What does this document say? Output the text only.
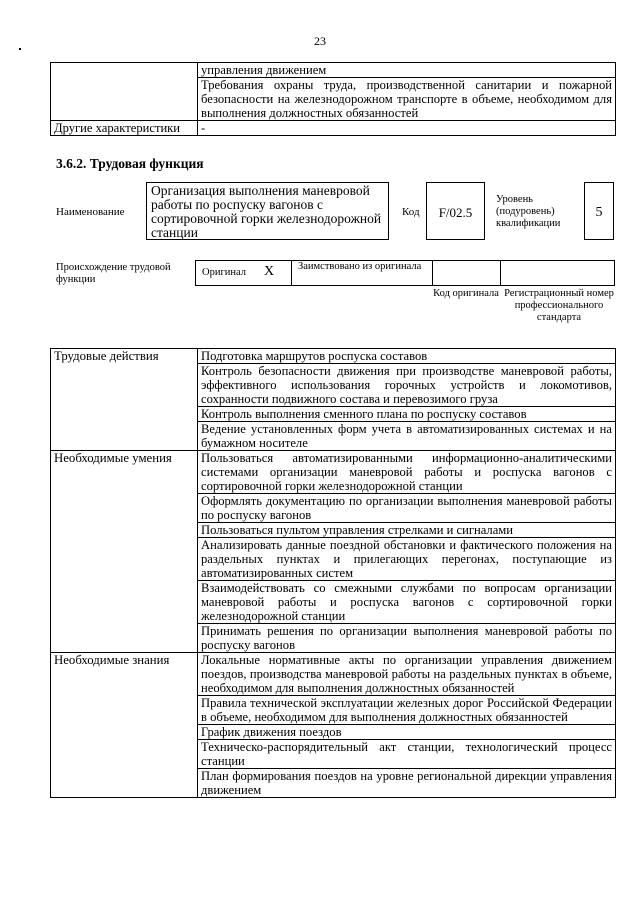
23
	управления движением
	Требования охраны труда, производственной санитарии и пожарной безопасности на железнодорожном транспорте в объеме, необходимом для выполнения должностных обязанностей
Другие характеристики	-
3.6.2. Трудовая функция
Наименование
Организация выполнения маневровой работы по роспуску вагонов с сортировочной горки железнодорожной станции
Код	F/02.5
Уровень (подуровень) квалификации
5
Происхождение трудовой функции
Оригинал X Заимствовано из оригинала
Код оригинала Регистрационный номер профессионального стандарта
Трудовые действия	Подготовка маршрутов роспуска составов
	Контроль безопасности движения при производстве маневровой работы, эффективного использования горочных устройств и локомотивов, сохранности подвижного состава и перевозимого груза
	Контроль выполнения сменного плана по роспуску составов
	Ведение установленных форм учета в автоматизированных системах и на бумажном носителе
Необходимые умения	Пользоваться автоматизированными информационно-аналитическими системами организации маневровой работы и роспуска вагонов с сортировочной горки железнодорожной станции
	Оформлять документацию по организации выполнения маневровой работы по роспуску вагонов
	Пользоваться пультом управления стрелками и сигналами
	Анализировать данные поездной обстановки и фактического положения на раздельных пунктах и прилегающих перегонах, поступающие из автоматизированных систем
	Взаимодействовать со смежными службами по вопросам организации маневровой работы и роспуска вагонов с сортировочной горки железнодорожной станции
	Принимать решения по организации выполнения маневровой работы по роспуску вагонов
Необходимые знания	Локальные нормативные акты по организации управления движением поездов, производства маневровой работы на раздельных пунктах в объеме, необходимом для выполнения должностных обязанностей
	Правила технической эксплуатации железных дорог Российской Федерации в объеме, необходимом для выполнения должностных обязанностей
	График движения поездов
	Техническо-распорядительный акт станции, технологический процесс станции
	План формирования поездов на уровне региональной дирекции управления движением
